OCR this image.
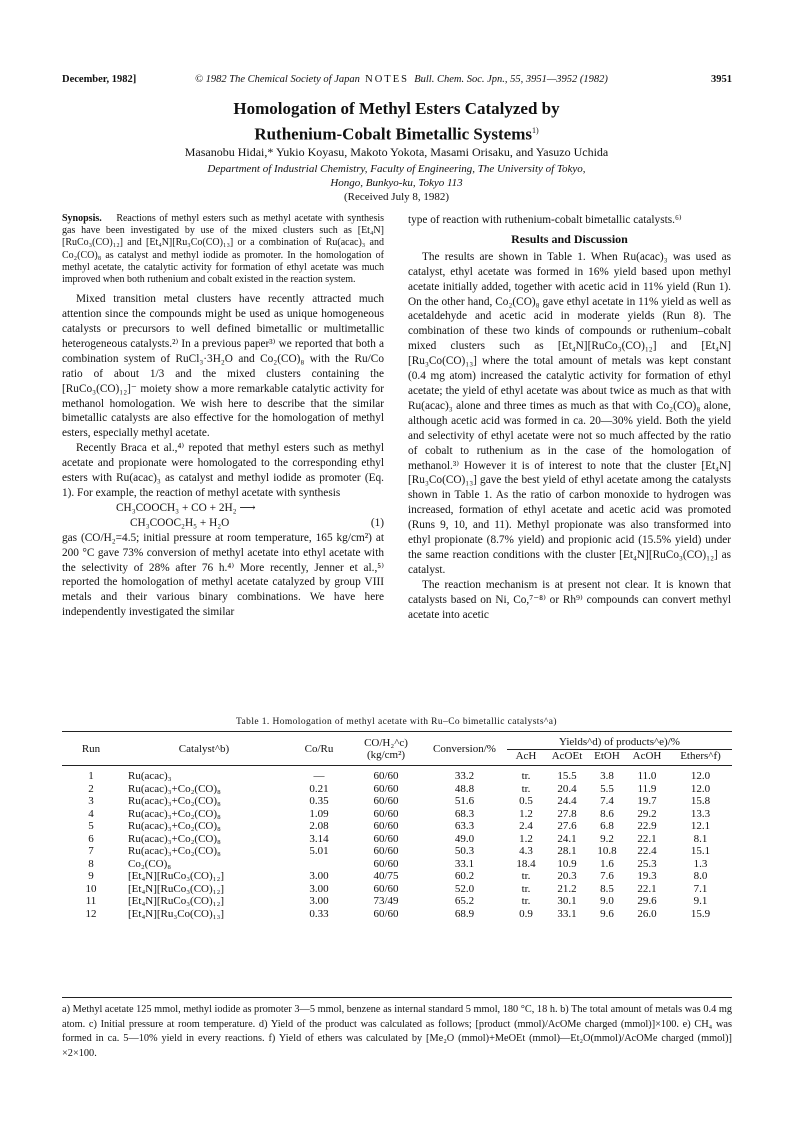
December, 1982]	© 1982 The Chemical Society of Japan NOTES Bull. Chem. Soc. Jpn., 55, 3951—3952 (1982)	3951
Homologation of Methyl Esters Catalyzed by
Ruthenium-Cobalt Bimetallic Systems$^{1)}$
Masanobu Hidai,* Yukio Koyasu, Makoto Yokota, Masami Orisaku, and Yasuzo Uchida
Department of Industrial Chemistry, Faculty of Engineering, The University of Tokyo,
Hongo, Bunkyo-ku, Tokyo 113
(Received July 8, 1982)

Synopsis. Reactions of methyl esters such as methyl acetate with synthesis gas have been investigated by use of the mixed clusters such as [Et₄N][RuCo₃(CO)₁₂] and [Et₄N][Ru₃Co(CO)₁₃] or a combination of Ru(acac)₃ and Co₂(CO)₈ as catalyst and methyl iodide as promoter. In the homologation of methyl acetate, the catalytic activity for formation of ethyl acetate was much improved when both ruthenium and cobalt existed in the reaction system.

Mixed transition metal clusters have recently attracted much attention since the compounds might be used as unique homogeneous catalysts or precursors to well defined bimetallic or multimetallic heterogeneous catalysts.²⁾ In a previous paper³⁾ we reported that both a combination system of RuCl₃·3H₂O and Co₂(CO)₈ with the Ru/Co ratio of about 1/3 and the mixed clusters containing the [RuCo₃(CO)₁₂]⁻ moiety show a more remarkable catalytic activity for methanol homologation. We wish here to describe that the similar bimetallic catalysts are also effective for the homologation of methyl esters, especially methyl acetate.

Recently Braca et al.,⁴⁾ repoted that methyl esters such as methyl acetate and propionate were homologated to the corresponding ethyl esters with Ru(acac)₃ as catalyst and methyl iodide as promoter (Eq. 1). For example, the reaction of methyl acetate with synthesis

CH₃COOCH₃ + CO + 2H₂ ⟶
CH₃COOC₂H₅ + H₂O	(1)

gas (CO/H₂=4.5; initial pressure at room temperature, 165 kg/cm²) at 200 °C gave 73% conversion of methyl acetate into ethyl acetate with the selectivity of 28% after 76 h.⁴⁾ More recently, Jenner et al.,⁵⁾ reported the homologation of methyl acetate catalyzed by group VIII metals and their various binary combinations. We have here independently investigated the similar

type of reaction with ruthenium-cobalt bimetallic catalysts.⁶⁾

Results and Discussion

The results are shown in Table 1. When Ru(acac)₃ was used as catalyst, ethyl acetate was formed in 16% yield based upon methyl acetate initially added, together with acetic acid in 11% yield (Run 1). On the other hand, Co₂(CO)₈ gave ethyl acetate in 11% yield as well as acetaldehyde and acetic acid in moderate yields (Run 8). The combination of these two kinds of compounds or ruthenium–cobalt mixed clusters such as [Et₄N][RuCo₃(CO)₁₂] and [Et₄N][Ru₃Co(CO)₁₃] where the total amount of metals was kept constant (0.4 mg atom) increased the catalytic activity for formation of ethyl acetate; the yield of ethyl acetate was about twice as much as that with Ru(acac)₃ alone and three times as much as that with Co₂(CO)₈ alone, although acetic acid was formed in ca. 20—30% yield. Both the yield and selectivity of ethyl acetate were not so much affected by the ratio of cobalt to ruthenium as in the case of the homologation of methanol.³⁾ However it is of interest to note that the cluster [Et₄N][Ru₃Co(CO)₁₃] gave the best yield of ethyl acetate among the catalysts shown in Table 1. As the ratio of carbon monoxide to hydrogen was increased, formation of ethyl acetate and acetic acid was promoted (Runs 9, 10, and 11). Methyl propionate was also transformed into ethyl propionate (8.7% yield) and propionic acid (15.5% yield) under the same reaction conditions with the cluster [Et₄N][RuCo₃(CO)₁₂] as catalyst.

The reaction mechanism is at present not clear. It is known that catalysts based on Ni, Co,⁷⁻⁸⁾ or Rh⁹⁾ compounds can convert methyl acetate into acetic

Table 1. Homologation of methyl acetate with Ru–Co bimetallic catalysts^a)
Run	Catalyst^b)	Co/Ru	CO/H₂^c)
(kg/cm²)	Conversion/%	Yields^d) of products^e)/%				
					AcH	AcOEt	EtOH	AcOH	Ethers^f)

1	Ru(acac)₃	—	60/60	33.2	tr.	15.5	3.8	11.0	12.0
2	Ru(acac)₃+Co₂(CO)₈	0.21	60/60	48.8	tr.	20.4	5.5	11.9	12.0
3	Ru(acac)₃+Co₂(CO)₈	0.35	60/60	51.6	0.5	24.4	7.4	19.7	15.8
4	Ru(acac)₃+Co₂(CO)₈	1.09	60/60	68.3	1.2	27.8	8.6	29.2	13.3
5	Ru(acac)₃+Co₂(CO)₈	2.08	60/60	63.3	2.4	27.6	6.8	22.9	12.1
6	Ru(acac)₃+Co₂(CO)₈	3.14	60/60	49.0	1.2	24.1	9.2	22.1	8.1
7	Ru(acac)₃+Co₂(CO)₈	5.01	60/60	50.3	4.3	28.1	10.8	22.4	15.1
8	Co₂(CO)₈		60/60	33.1	18.4	10.9	1.6	25.3	1.3
9	[Et₄N][RuCo₃(CO)₁₂]	3.00	40/75	60.2	tr.	20.3	7.6	19.3	8.0
10	[Et₄N][RuCo₃(CO)₁₂]	3.00	60/60	52.0	tr.	21.2	8.5	22.1	7.1
11	[Et₄N][RuCo₃(CO)₁₂]	3.00	73/49	65.2	tr.	30.1	9.0	29.6	9.1
12	[Et₄N][Ru₃Co(CO)₁₃]	0.33	60/60	68.9	0.9	33.1	9.6	26.0	15.9
a) Methyl acetate 125 mmol, methyl iodide as promoter 3—5 mmol, benzene as internal standard 5 mmol, 180 °C, 18 h. b) The total amount of metals was 0.4 mg atom. c) Initial pressure at room temperature. d) Yield of the product was calculated as follows; [product (mmol)/AcOMe charged (mmol)]×100. e) CH₄ was formed in ca. 5—10% yield in every reactions. f) Yield of ethers was calculated by [Me₂O (mmol)+MeOEt (mmol)—Et₂O(mmol)/AcOMe charged (mmol)] ×2×100.
